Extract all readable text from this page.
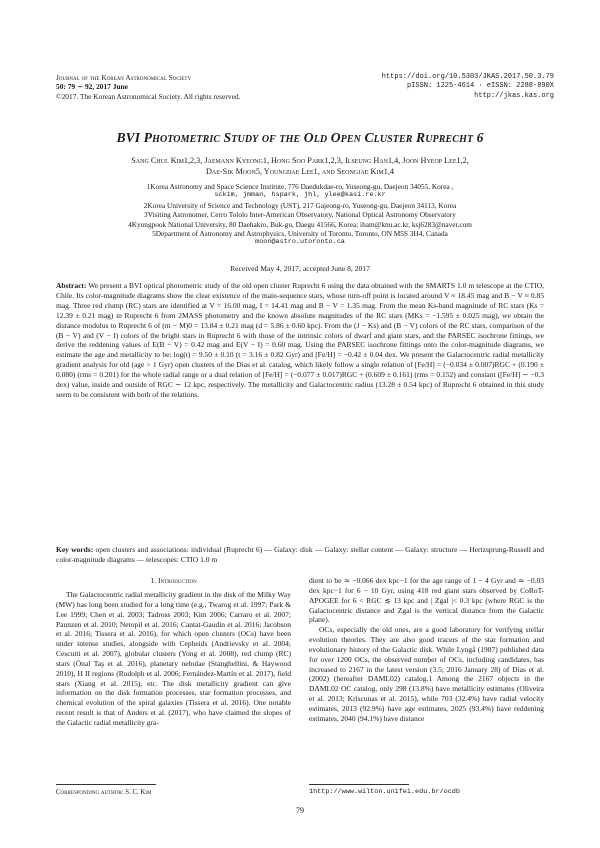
Journal of the Korean Astronomical Society
50: 79 ∼ 92, 2017 June
©2017. The Korean Astronomical Society. All rights reserved.
https://doi.org/10.5303/JKAS.2017.50.3.79
pISSN: 1225-4614 · eISSN: 2288-890X
http://jkas.kas.org
BVI Photometric Study of the Old Open Cluster Ruprecht 6
Sang Chul Kim1,2,3, Jaemann Kyeong1, Hong Soo Park1,2,3, Ilseung Han1,4, Joon Hyeop Lee1,2,
Dae-Sik Moon5, Youngdae Lee1, and Seongjae Kim1,4
1Korea Astronomy and Space Science Institute, 776 Daedukdae-ro, Yuseong-gu, Daejeon 34055, Korea ,
sckim, jmman, hspark, jhl, ylee@kasi.re.kr
2Korea University of Science and Technology (UST), 217 Gajeong-ro, Yuseong-gu, Daejeon 34113, Korea
3Visiting Astronomer, Cerro Tololo Inter-American Observatory, National Optical Astronomy Observatory
4Kyungpook National University, 80 Daehakro, Buk-gu, Daegu 41566, Korea; iham@knu.ac.kr, ksj6283@naver.com
5Department of Astronomy and Astrophysics, University of Toronto, Toronto, ON M5S 3H4, Canada
moon@astro.utoronto.ca
Received May 4, 2017; accepted June 8, 2017
Abstract: We present a BVI optical photometric study of the old open cluster Ruprecht 6 using the data obtained with the SMARTS 1.0 m telescope at the CTIO, Chile. Its color-magnitude diagrams show the clear existence of the main-sequence stars, whose turn-off point is located around V ≈ 18.45 mag and B − V ≈ 0.85 mag. Three red clump (RC) stars are identified at V = 16.00 mag, I = 14.41 mag and B − V = 1.35 mag. From the mean Ks-band magnitude of RC stars (Ks = 12.39 ± 0.21 mag) in Ruprecht 6 from 2MASS photometry and the known absolute magnitudes of the RC stars (MKs = −1.595 ± 0.025 mag), we obtain the distance modulus to Ruprecht 6 of (m − M)0 = 13.84 ± 0.21 mag (d = 5.86 ± 0.60 kpc). From the (J − Ks) and (B − V) colors of the RC stars, comparison of the (B − V) and (V − I) colors of the bright stars in Ruprecht 6 with those of the intrinsic colors of dwarf and giant stars, and the PARSEC isochrone fittings, we derive the reddening values of E(B − V) = 0.42 mag and E(V − I) = 0.60 mag. Using the PARSEC isochrone fittings onto the color-magnitude diagrams, we estimate the age and metallicity to be: log(t) = 9.50 ± 0.10 (t = 3.16 ± 0.82 Gyr) and [Fe/H] = −0.42 ± 0.04 dex. We present the Galactocentric radial metallicity gradient analysis for old (age > 1 Gyr) open clusters of the Dias et al. catalog, which likely follow a single relation of [Fe/H] = (−0.034 ± 0.007)RGC + (0.190 ± 0.080) (rms = 0.201) for the whole radial range or a dual relation of [Fe/H] = (−0.077 ± 0.017)RGC + (0.609 ± 0.161) (rms = 0.152) and constant ([Fe/H] ∼ −0.3 dex) value, inside and outside of RGC ∼ 12 kpc, respectively. The metallicity and Galactocentric radius (13.28 ± 0.54 kpc) of Ruprecht 6 obtained in this study seem to be consistent with both of the relations.
Key words: open clusters and associations: individual (Ruprecht 6) — Galaxy: disk — Galaxy: stellar content — Galaxy: structure — Hertzsprung-Russell and color-magnitude diagrams — telescopes: CTIO 1.0 m
1. Introduction

The Galactocentric radial metallicity gradient in the disk of the Milky Way (MW) has long been studied for a long time (e.g., Twarog et al. 1997; Park & Lee 1999; Chen et al. 2003; Tadross 2003; Kim 2006; Carraro et al. 2007; Paunzen et al. 2010; Netopil et al. 2016; Cantat-Gaudin et al. 2016; Jacobson et al. 2016; Tissera et al. 2016), for which open clusters (OCs) have been under intense studies, alongside with Cepheids (Andrievsky et al. 2004; Cescutti et al. 2007), globular clusters (Yong et al. 2008), red clump (RC) stars (Önal Taş et al. 2016), planetary nebulae (Stanghellini, & Haywood 2010), H II regions (Rudolph et al. 2006; Fernández-Martín et al. 2017), field stars (Xiang et al. 2015), etc. The disk metallicity gradient can give information on the disk formation processes, star formation processes, and chemical evolution of the spiral galaxies (Tissera et al. 2016). One notable recent result is that of Anders et al. (2017), who have claimed the slopes of the Galactic radial metallicity gra-

dient to be ≃ −0.066 dex kpc−1 for the age range of 1 − 4 Gyr and ≃ −0.03 dex kpc−1 for 6 − 10 Gyr, using 418 red giant stars observed by CoRoT-APOGEE for 6 < RGC ≲ 13 kpc and | Zgal |< 0.3 kpc (where RGC is the Galactocentric distance and Zgal is the vertical distance from the Galactic plane).

OCs, especially the old ones, are a good laboratory for verifying stellar evolution theories. They are also good tracers of the star formation and evolutionary history of the Galactic disk. While Lyngå (1987) published data for over 1200 OCs, the observed number of OCs, including candidates, has increased to 2167 in the latest version (3.5; 2016 January 28) of Dias et al. (2002) (hereafter DAML02) catalog.1 Among the 2167 objects in the DAML02 OC catalog, only 298 (13.8%) have metallicity estimates (Oliveira et al. 2013; Kriscunas et al. 2015), while 703 (32.4%) have radial velocity estimates, 2013 (92.9%) have age estimates, 2025 (93.4%) have reddening estimates, 2040 (94.1%) have distance

Corresponding author: S. C. Kim	1http://www.wilton.unifei.edu.br/ocdb
79
